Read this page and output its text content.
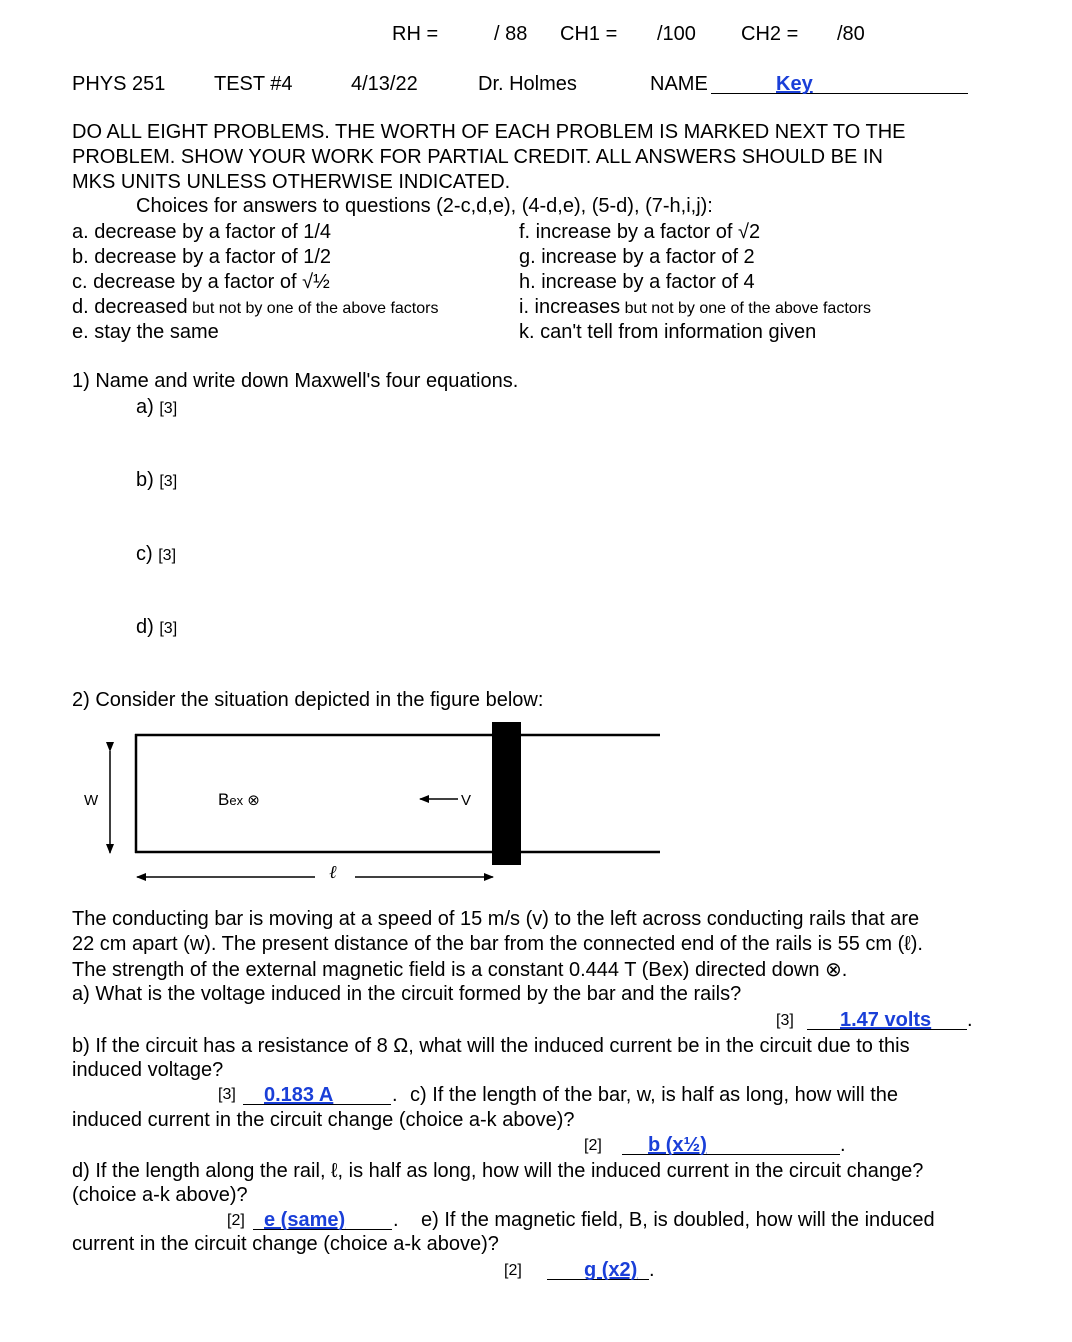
RH =	/ 88 CH1 = /100 CH2 = /80
PHYS 251 TEST #4	4/13/22	Dr. Holmes	NAME	Key
DO ALL EIGHT PROBLEMS. THE WORTH OF EACH PROBLEM IS MARKED NEXT TO THE
PROBLEM. SHOW YOUR WORK FOR PARTIAL CREDIT. ALL ANSWERS SHOULD BE IN
MKS UNITS UNLESS OTHERWISE INDICATED.
Choices for answers to questions (2-c,d,e), (4-d,e), (5-d), (7-h,i,j):
a. decrease by a factor of 1/4
b. decrease by a factor of 1/2
c. decrease by a factor of √½
d. decreased but not by one of the above factors
e. stay the same
f. increase by a factor of √2
g. increase by a factor of 2
h. increase by a factor of 4
i. increases but not by one of the above factors
k. can't tell from information given
1) Name and write down Maxwell's four equations.
a) [3]
b) [3]
c) [3]
d) [3]
2) Consider the situation depicted in the figure below:
W	Bex ⊗	V
ℓ
The conducting bar is moving at a speed of 15 m/s (v) to the left across conducting rails that are
22 cm apart (w). The present distance of the bar from the connected end of the rails is 55 cm (ℓ).
The strength of the external magnetic field is a constant 0.444 T (Bex) directed down ⊗.
a) What is the voltage induced in the circuit formed by the bar and the rails?
[3] 1.47 volts .
b) If the circuit has a resistance of 8 Ω, what will the induced current be in the circuit due to this
induced voltage?
[3] 0.183 A	. c) If the length of the bar, w, is half as long, how will the
induced current in the circuit change (choice a-k above)?
[2] b (x½)	.
d) If the length along the rail, ℓ, is half as long, how will the induced current in the circuit change?
(choice a-k above)?
[2] e (same) . e) If the magnetic field, B, is doubled, how will the induced
current in the circuit change (choice a-k above)?
[2]	g (x2) .
